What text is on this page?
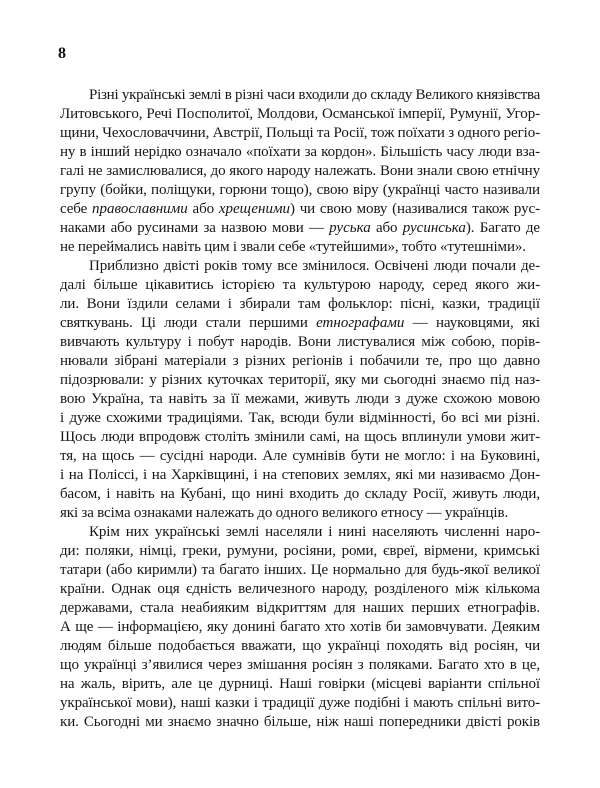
8
Різні українські землі в різні часи входили до складу Великого князівства
Литовського, Речі Посполитої, Молдови, Османської імперії, Румунії, Угор-
щини, Чехословаччини, Австрії, Польщі та Росії, тож поїхати з одного регіо-
ну в інший нерідко означало «поїхати за кордон». Більшість часу люди вза-
галі не замислювалися, до якого народу належать. Вони знали свою етнічну
групу (бойки, поліщуки, горюни тощо), свою віру (українці часто називали
себе православними або хрещеними) чи свою мову (називалися також рус-
наками або русинами за назвою мови — руська або русинська). Багато де
не переймались навіть цим і звали себе «тутейшими», тобто «тутешніми».
Приблизно двісті років тому все змінилося. Освічені люди почали де-
далі більше цікавитись історією та культурою народу, серед якого жи-
ли. Вони їздили селами і збирали там фольклор: пісні, казки, традиції
святкувань. Ці люди стали першими етнографами — науковцями, які
вивчають культуру і побут народів. Вони листувалися між собою, порів-
нювали зібрані матеріали з різних регіонів і побачили те, про що давно
підозрювали: у різних куточках території, яку ми сьогодні знаємо під наз-
вою Україна, та навіть за її межами, живуть люди з дуже схожою мовою
і дуже схожими традиціями. Так, всюди були відмінності, бо всі ми різні.
Щось люди впродовж століть змінили самі, на щось вплинули умови жит-
тя, на щось — сусідні народи. Але сумнівів бути не могло: і на Буковині,
і на Поліссі, і на Харківщині, і на степових землях, які ми називаємо Дон-
басом, і навіть на Кубані, що нині входить до складу Росії, живуть люди,
які за всіма ознаками належать до одного великого етносу — українців.
Крім них українські землі населяли і нині населяють численні наро-
ди: поляки, німці, греки, румуни, росіяни, роми, євреї, вірмени, кримські
татари (або киримли) та багато інших. Це нормально для будь-якої великої
країни. Однак оця єдність величезного народу, розділеного між кількома
державами, стала неабияким відкриттям для наших перших етнографів.
А ще — інформацією, яку донині багато хто хотів би замовчувати. Деяким
людям більше подобається вважати, що українці походять від росіян, чи
що українці з’явилися через змішання росіян з поляками. Багато хто в це,
на жаль, вірить, але це дурниці. Наші говірки (місцеві варіанти спільної
української мови), наші казки і традиції дуже подібні і мають спільні вито-
ки. Сьогодні ми знаємо значно більше, ніж наші попередники двісті років
